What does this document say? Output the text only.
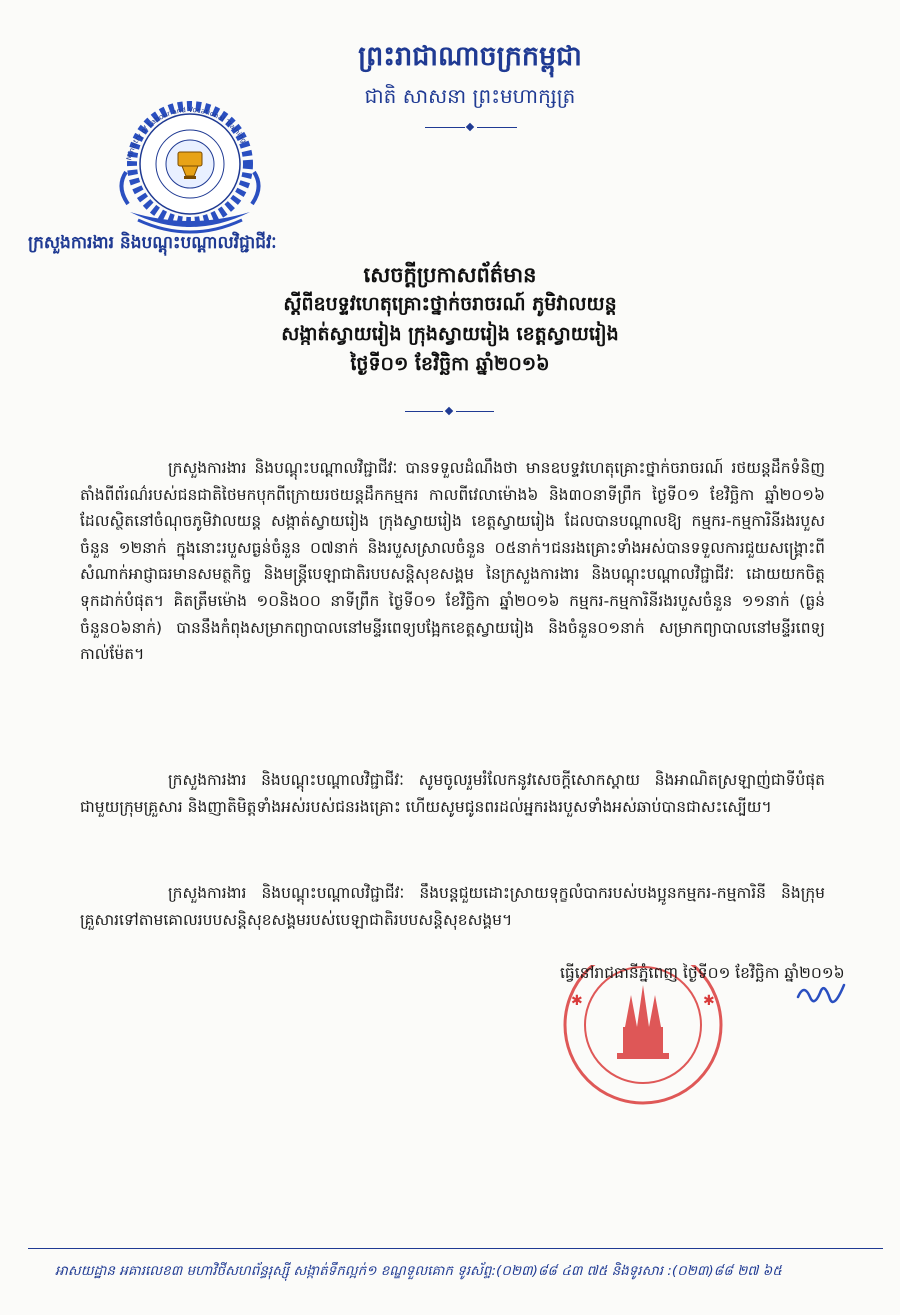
ព្រះរាជាណាចក្រកម្ពុជា
ជាតិ សាសនា ព្រះមហាក្សត្រ
Ministry of Labour and Vocational Training
ក្រសួងការងារ និងបណ្តុះបណ្តាលវិជ្ជាជីវៈ
សេចក្តីប្រកាសព័ត៌មាន
ស្តីពីឧបទ្ទវហេតុគ្រោះថ្នាក់ចរាចរណ៍ ភូមិវាលយន្ត
សង្កាត់ស្វាយរៀង ក្រុងស្វាយរៀង ខេត្តស្វាយរៀង
ថ្ងៃទី០១ ខែវិច្ឆិកា ឆ្នាំ២០១៦
ក្រសួងការងារ និងបណ្តុះបណ្តាលវិជ្ជាជីវៈ បានទទួលដំណឹងថា មានឧបទ្ទវហេតុគ្រោះថ្នាក់ចរាចរណ៍ រថយន្តដឹកទំនិញតាំងពីព័រណ៌របស់ជនជាតិថៃមកបុកពីក្រោយរថយន្តដឹកកម្មករ កាលពីវេលាម៉ោង៦ និង៣០នាទីព្រឹក ថ្ងៃទី០១ ខែវិច្ឆិកា ឆ្នាំ២០១៦ ដែលស្ថិតនៅចំណុចភូមិវាលយន្ត សង្កាត់ស្វាយរៀង ក្រុងស្វាយរៀង ខេត្តស្វាយរៀង ដែលបានបណ្តាលឱ្យ កម្មករ-កម្មការិនីរងរបួសចំនួន ១២នាក់ ក្នុងនោះរបួសធ្ងន់ចំនួន ០៧នាក់ និងរបួសស្រាលចំនួន ០៥នាក់។ជនរងគ្រោះទាំងអស់បានទទួលការជួយសង្គ្រោះពីសំណាក់អាជ្ញាធរមានសមត្ថកិច្ច និងមន្ត្រីបេឡាជាតិរបបសន្តិសុខសង្គម នៃក្រសួងការងារ និងបណ្តុះបណ្តាលវិជ្ជាជីវៈ ដោយយកចិត្តទុកដាក់បំផុត។ គិតត្រឹមម៉ោង ១០និង០០ នាទីព្រឹក ថ្ងៃទី០១ ខែវិច្ឆិកា ឆ្នាំ២០១៦ កម្មករ-កម្មការិនីរងរបួសចំនួន ១១នាក់ (ធ្ងន់ចំនួន០៦នាក់) បាននឹងកំពុងសម្រាកព្យាបាលនៅមន្ទីរពេទ្យបង្អែកខេត្តស្វាយរៀង និងចំនួន០១នាក់ សម្រាកព្យាបាលនៅមន្ទីរពេទ្យកាល់ម៉ែត។
ក្រសួងការងារ និងបណ្តុះបណ្តាលវិជ្ជាជីវៈ សូមចូលរួមរំលែកនូវសេចក្តីសោកស្តាយ និងអាណិតស្រឡាញ់ជាទីបំផុតជាមួយក្រុមគ្រួសារ និងញាតិមិត្តទាំងអស់របស់ជនរងគ្រោះ ហើយសូមជូនពរដល់អ្នករងរបួសទាំងអស់ឆាប់បានជាសះស្បើយ។
ក្រសួងការងារ និងបណ្តុះបណ្តាលវិជ្ជាជីវៈ នឹងបន្តជួយដោះស្រាយទុក្ខលំបាករបស់បងប្អូនកម្មករ-កម្មការិនី និងក្រុមគ្រួសារទៅតាមគោលរបបសន្តិសុខសង្គមរបស់បេឡាជាតិរបបសន្តិសុខសង្គម។
✱	✱
ធ្វើនៅរាជធានីភ្នំពេញ ថ្ងៃទី០១ ខែវិច្ឆិកា ឆ្នាំ២០១៦
អាសយដ្ឋាន អគារលេខ៣ មហាវិថីសហព័ន្ធរុស្ស៊ី សង្កាត់ទឹកល្អក់១ ខណ្ឌទួលគោក ទូរស័ព្ទ:(០២៣)៨៨ ៤៣ ៧៥ និងទូរសារ :(០២៣)៨៨ ២៧ ៦៥
